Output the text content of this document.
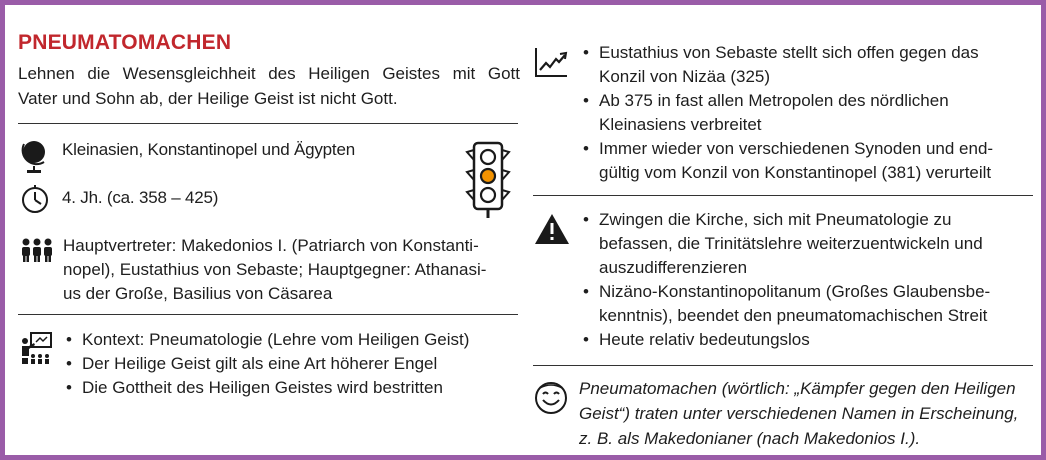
PNEUMATOMACHEN
Lehnen die Wesensgleichheit des Heiligen Geistes mit Gott
Vater und Sohn ab, der Heilige Geist ist nicht Gott.
Kleinasien, Konstantinopel und Ägypten
4. Jh. (ca. 358 – 425)
Hauptvertreter: Makedonios I. (Patriarch von Konstanti-
nopel), Eustathius von Sebaste; Hauptgegner: Athanasi-
us der Große, Basilius von Cäsarea
• Kontext: Pneumatologie (Lehre vom Heiligen Geist)
• Der Heilige Geist gilt als eine Art höherer Engel
• Die Gottheit des Heiligen Geistes wird bestritten
• Eustathius von Sebaste stellt sich offen gegen das Konzil von Nizäa (325)
• Ab 375 in fast allen Metropolen des nördlichen Kleinasiens verbreitet
• Immer wieder von verschiedenen Synoden und end-gültig vom Konzil von Konstantinopel (381) verurteilt
• Zwingen die Kirche, sich mit Pneumatologie zu befassen, die Trinitätslehre weiterzuentwickeln und auszudifferenzieren
• Nizäno-Konstantinopolitanum (Großes Glaubensbe-kenntnis), beendet den pneumatomachischen Streit
• Heute relativ bedeutungslos
Pneumatomachen (wörtlich: „Kämpfer gegen den Heiligen Geist“) traten unter verschiedenen Namen in Erscheinung, z. B. als Makedonianer (nach Makedonios I.).
